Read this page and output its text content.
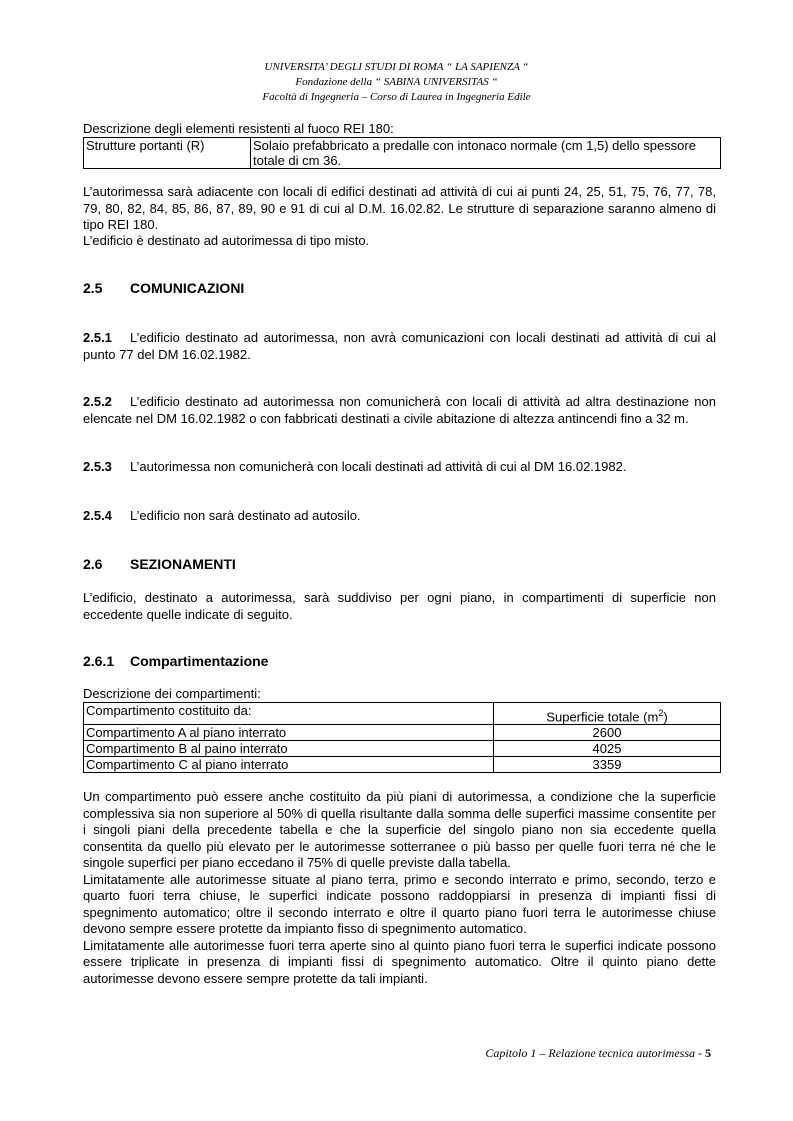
UNIVERSITA’ DEGLI STUDI DI ROMA “ LA SAPIENZA “
Fondazione della “ SABINA UNIVERSITAS “
Facoltà di Ingegneria – Corso di Laurea in Ingegneria Edile
Descrizione degli elementi resistenti al fuoco REI 180:
Strutture portanti (R)	Solaio prefabbricato a predalle con intonaco normale (cm 1,5) dello spessore totale di cm 36.

L’autorimessa sarà adiacente con locali di edifici destinati ad attività di cui ai punti 24, 25, 51, 75, 76, 77, 78, 79, 80, 82, 84, 85, 86, 87, 89, 90 e 91 di cui al D.M. 16.02.82. Le strutture di separazione saranno almeno di tipo REI 180.

L’edificio è destinato ad autorimessa di tipo misto.

2.5 COMUNICAZIONI

2.5.1 L’edificio destinato ad autorimessa, non avrà comunicazioni con locali destinati ad attività di cui al punto 77 del DM 16.02.1982.

2.5.2 L’edificio destinato ad autorimessa non comunicherà con locali di attività ad altra destinazione non elencate nel DM 16.02.1982 o con fabbricati destinati a civile abitazione di altezza antincendi fino a 32 m.

2.5.3 L’autorimessa non comunicherà con locali destinati ad attività di cui al DM 16.02.1982.

2.5.4 L’edificio non sarà destinato ad autosilo.

2.6 SEZIONAMENTI

L’edificio, destinato a autorimessa, sarà suddiviso per ogni piano, in compartimenti di superficie non eccedente quelle indicate di seguito.

2.6.1 Compartimentazione
Descrizione dei compartimenti:
Compartimento costituito da:	Superficie totale $(m^2)$
Compartimento A al piano interrato	2600
Compartimento B al paino interrato	4025
Compartimento C al piano interrato	3359
Un compartimento può essere anche costituito da più piani di autorimessa, a condizione che la superficie complessiva sia non superiore al 50% di quella risultante dalla somma delle superfici massime consentite per i singoli piani della precedente tabella e che la superficie del singolo piano non sia eccedente quella consentita da quello più elevato per le autorimesse sotterranee o più basso per quelle fuori terra né che le singole superfici per piano eccedano il 75% di quelle previste dalla tabella.
Limitatamente alle autorimesse situate al piano terra, primo e secondo interrato e primo, secondo, terzo e quarto fuori terra chiuse, le superfici indicate possono raddoppiarsi in presenza di impianti fissi di spegnimento automatico; oltre il secondo interrato e oltre il quarto piano fuori terra le autorimesse chiuse devono sempre essere protette da impianto fisso di spegnimento automatico.
Limitatamente alle autorimesse fuori terra aperte sino al quinto piano fuori terra le superfici indicate possono essere triplicate in presenza di impianti fissi di spegnimento automatico. Oltre il quinto piano dette autorimesse devono essere sempre protette da tali impianti.
Capitolo 1 – Relazione tecnica autorimessa - 5
